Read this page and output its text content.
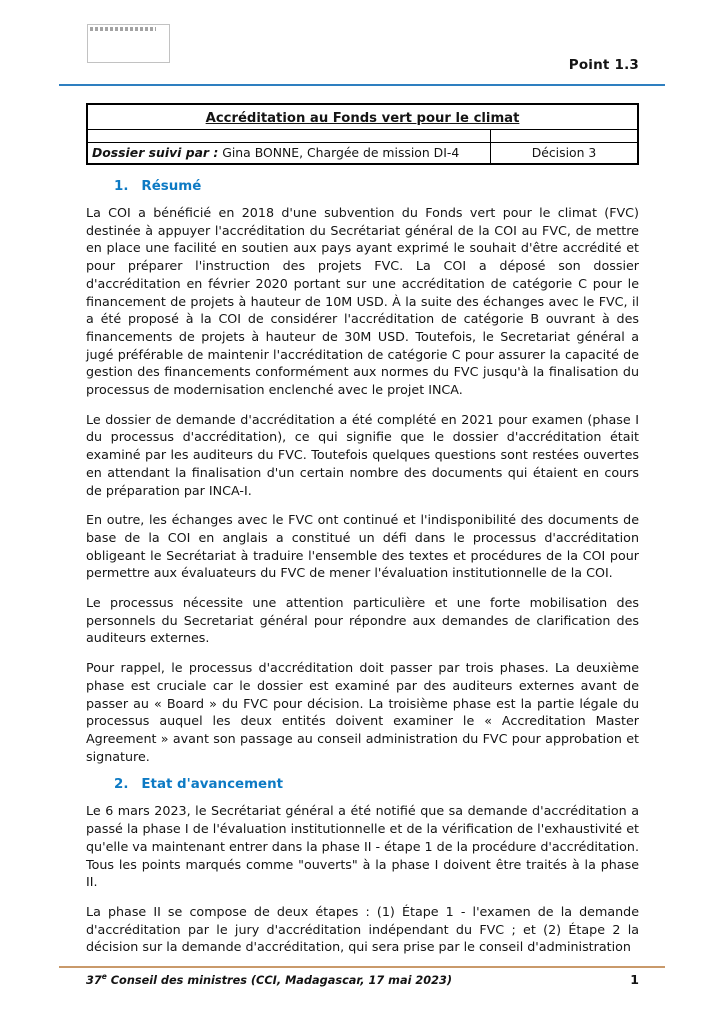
Point 1.3
Accréditation au Fonds vert pour le climat
Dossier suivi par : Gina BONNE, Chargée de mission DI-4	Décision 3
1. Résumé

La COI a bénéficié en 2018 d'une subvention du Fonds vert pour le climat (FVC) destinée à appuyer l'accréditation du Secrétariat général de la COI au FVC, de mettre en place une facilité en soutien aux pays ayant exprimé le souhait d'être accrédité et pour préparer l'instruction des projets FVC. La COI a déposé son dossier d'accréditation en février 2020 portant sur une accréditation de catégorie C pour le financement de projets à hauteur de 10M USD. À la suite des échanges avec le FVC, il a été proposé à la COI de considérer l'accréditation de catégorie B ouvrant à des financements de projets à hauteur de 30M USD. Toutefois, le Secretariat général a jugé préférable de maintenir l'accréditation de catégorie C pour assurer la capacité de gestion des financements conformément aux normes du FVC jusqu'à la finalisation du processus de modernisation enclenché avec le projet INCA.

Le dossier de demande d'accréditation a été complété en 2021 pour examen (phase I du processus d'accréditation), ce qui signifie que le dossier d'accréditation était examiné par les auditeurs du FVC. Toutefois quelques questions sont restées ouvertes en attendant la finalisation d'un certain nombre des documents qui étaient en cours de préparation par INCA-I.

En outre, les échanges avec le FVC ont continué et l'indisponibilité des documents de base de la COI en anglais a constitué un défi dans le processus d'accréditation obligeant le Secrétariat à traduire l'ensemble des textes et procédures de la COI pour permettre aux évaluateurs du FVC de mener l'évaluation institutionnelle de la COI.

Le processus nécessite une attention particulière et une forte mobilisation des personnels du Secretariat général pour répondre aux demandes de clarification des auditeurs externes.

Pour rappel, le processus d'accréditation doit passer par trois phases. La deuxième phase est cruciale car le dossier est examiné par des auditeurs externes avant de passer au « Board » du FVC pour décision. La troisième phase est la partie légale du processus auquel les deux entités doivent examiner le « Accreditation Master Agreement » avant son passage au conseil administration du FVC pour approbation et signature.

2. Etat d'avancement

Le 6 mars 2023, le Secrétariat général a été notifié que sa demande d'accréditation a passé la phase I de l'évaluation institutionnelle et de la vérification de l'exhaustivité et qu'elle va maintenant entrer dans la phase II - étape 1 de la procédure d'accréditation. Tous les points marqués comme "ouverts" à la phase I doivent être traités à la phase II.

La phase II se compose de deux étapes : (1) Étape 1 - l'examen de la demande d'accréditation par le jury d'accréditation indépendant du FVC ; et (2) Étape 2 la décision sur la demande d'accréditation, qui sera prise par le conseil d'administration

37e Conseil des ministres (CCI, Madagascar, 17 mai 2023)	1
